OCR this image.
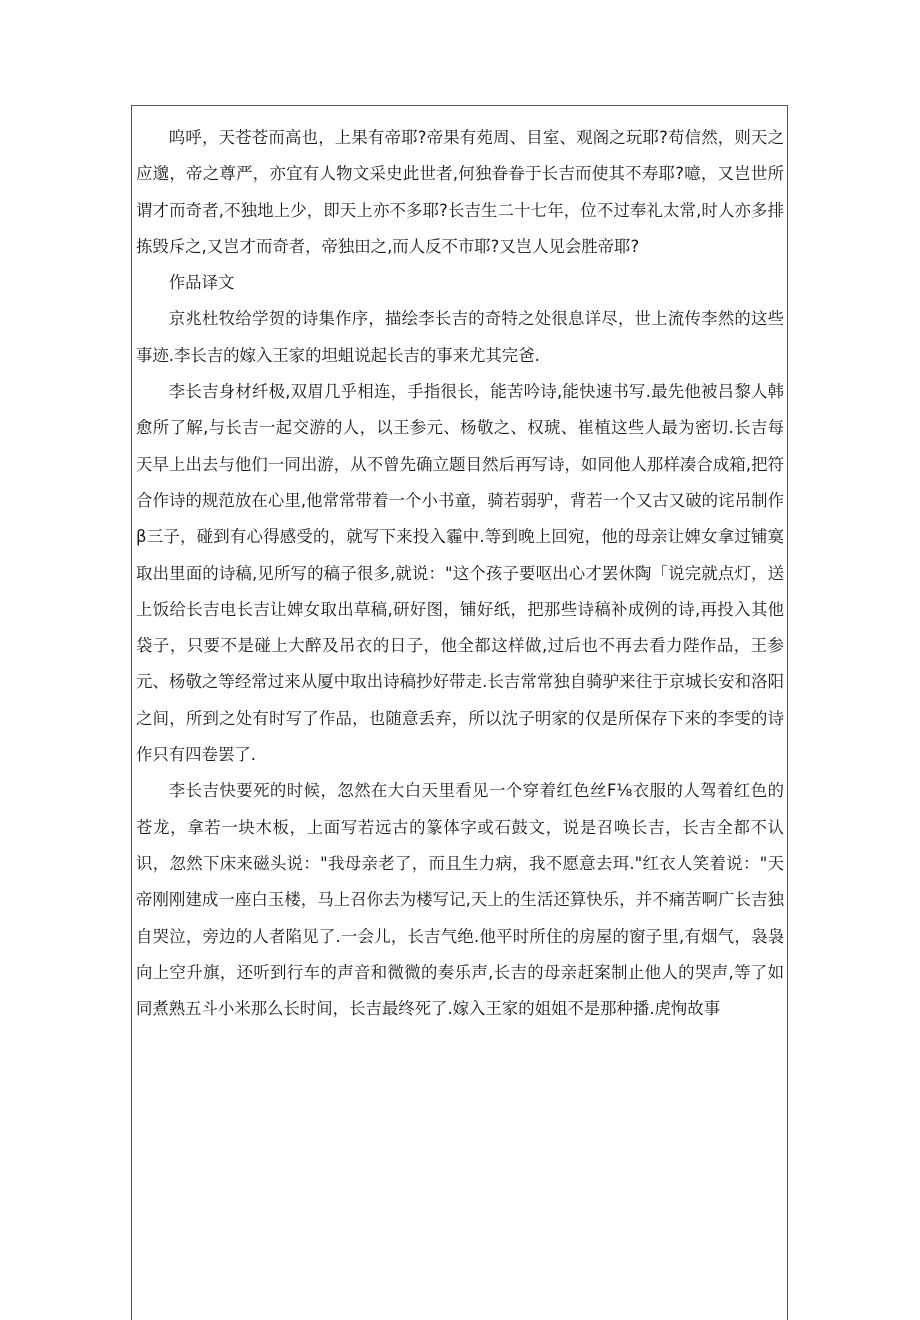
呜呼，天苍苍而高也，上果有帝耶?帝果有苑周、目室、观阁之玩耶?苟信然，则天之应邈，帝之尊严，亦宜有人物文采史此世者,何独眷眷于长吉而使其不寿耶?噫，又岂世所谓才而奇者,不独地上少，即天上亦不多耶?长吉生二十七年，位不过奉礼太常,时人亦多排拣毁斥之,又岂才而奇者，帝独田之,而人反不市耶?又岂人见会胜帝耶?

作品译文

京兆杜牧给学贺的诗集作序，描绘李长吉的奇特之处很息详尽，世上流传李然的这些事迹.李长吉的嫁入王家的坦蛆说起长吉的事来尤其完爸.

李长吉身材纤极,双眉几乎相连，手指很长，能苦吟诗,能快速书写.最先他被吕黎人韩愈所了解,与长吉一起交游的人，以王参元、杨敬之、权琥、崔植这些人最为密切.长吉每天早上出去与他们一同出游，从不曾先确立题目然后再写诗，如同他人那样凑合成箱,把符合作诗的规范放在心里,他常常带着一个小书童，骑若弱驴，背若一个又古又破的诧吊制作β三子，碰到有心得感受的，就写下来投入霾中.等到晚上回宛，他的母亲让婢女拿过铺寞取出里面的诗稿,见所写的稿子很多,就说："这个孩子要呕出心才罢休陶「说完就点灯，送上饭给长吉电长吉让婢女取出草稿,研好图，铺好纸，把那些诗稿补成例的诗,再投入其他袋子，只要不是碰上大醉及吊衣的日子，他全都这样做,过后也不再去看力陛作品，王参元、杨敬之等经常过来从厦中取出诗稿抄好带走.长吉常常独自骑驴来往于京城长安和洛阳之间，所到之处有时写了作品，也随意丢弃，所以沈子明家的仅是所保存下来的李雯的诗作只有四卷罢了.

李长吉快要死的时候，忽然在大白天里看见一个穿着红色丝F⅛衣服的人驾着红色的苍龙，拿若一块木板，上面写若远古的篆体字或石鼓文，说是召唤长吉，长吉全都不认识，忽然下床来磁头说："我母亲老了，而且生力病，我不愿意去珥."红衣人笑着说："天帝刚刚建成一座白玉楼，马上召你去为楼写记,天上的生活还算快乐，并不痛苦啊广长吉独自哭泣，旁边的人者陷见了.一会儿，长吉气绝.他平时所住的房屋的窗子里,有烟气，袅袅向上空升旗，还听到行车的声音和微微的奏乐声,长吉的母亲赶案制止他人的哭声,等了如同煮熟五斗小米那么长时间，长吉最终死了.嫁入王家的姐姐不是那种播.虎恂故事
